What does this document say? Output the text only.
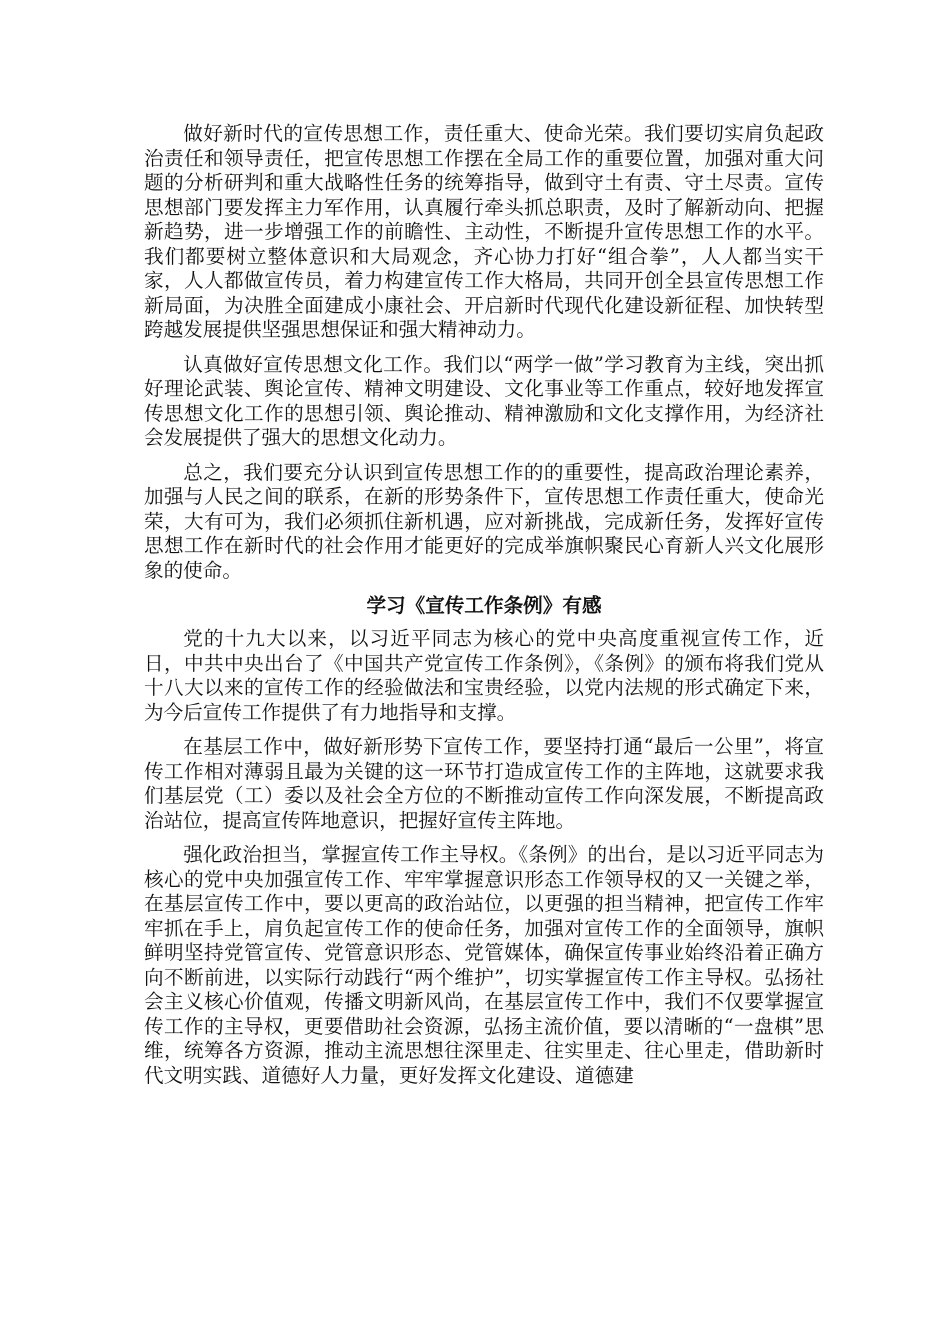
做好新时代的宣传思想工作，责任重大、使命光荣。我们要切实肩负起政治责任和领导责任，把宣传思想工作摆在全局工作的重要位置，加强对重大问题的分析研判和重大战略性任务的统筹指导，做到守土有责、守土尽责。宣传思想部门要发挥主力军作用，认真履行牵头抓总职责，及时了解新动向、把握新趋势，进一步增强工作的前瞻性、主动性，不断提升宣传思想工作的水平。我们都要树立整体意识和大局观念，齐心协力打好“组合拳”，人人都当实干家，人人都做宣传员，着力构建宣传工作大格局，共同开创全县宣传思想工作新局面，为决胜全面建成小康社会、开启新时代现代化建设新征程、加快转型跨越发展提供坚强思想保证和强大精神动力。

认真做好宣传思想文化工作。我们以“两学一做”学习教育为主线，突出抓好理论武装、舆论宣传、精神文明建设、文化事业等工作重点，较好地发挥宣传思想文化工作的思想引领、舆论推动、精神激励和文化支撑作用，为经济社会发展提供了强大的思想文化动力。

总之，我们要充分认识到宣传思想工作的的重要性，提高政治理论素养，加强与人民之间的联系，在新的形势条件下，宣传思想工作责任重大，使命光荣，大有可为，我们必须抓住新机遇，应对新挑战，完成新任务，发挥好宣传思想工作在新时代的社会作用才能更好的完成举旗帜聚民心育新人兴文化展形象的使命。

学习《宣传工作条例》有感

党的十九大以来，以习近平同志为核心的党中央高度重视宣传工作，近日，中共中央出台了《中国共产党宣传工作条例》，《条例》的颁布将我们党从十八大以来的宣传工作的经验做法和宝贵经验，以党内法规的形式确定下来，为今后宣传工作提供了有力地指导和支撑。

在基层工作中，做好新形势下宣传工作，要坚持打通“最后一公里”，将宣传工作相对薄弱且最为关键的这一环节打造成宣传工作的主阵地，这就要求我们基层党（工）委以及社会全方位的不断推动宣传工作向深发展，不断提高政治站位，提高宣传阵地意识，把握好宣传主阵地。

强化政治担当，掌握宣传工作主导权。《条例》的出台，是以习近平同志为核心的党中央加强宣传工作、牢牢掌握意识形态工作领导权的又一关键之举，在基层宣传工作中，要以更高的政治站位，以更强的担当精神，把宣传工作牢牢抓在手上，肩负起宣传工作的使命任务，加强对宣传工作的全面领导，旗帜鲜明坚持党管宣传、党管意识形态、党管媒体，确保宣传事业始终沿着正确方向不断前进，以实际行动践行“两个维护”，切实掌握宣传工作主导权。弘扬社会主义核心价值观，传播文明新风尚，在基层宣传工作中，我们不仅要掌握宣传工作的主导权，更要借助社会资源，弘扬主流价值，要以清晰的“一盘棋”思维，统筹各方资源，推动主流思想往深里走、往实里走、往心里走，借助新时代文明实践、道德好人力量，更好发挥文化建设、道德建
